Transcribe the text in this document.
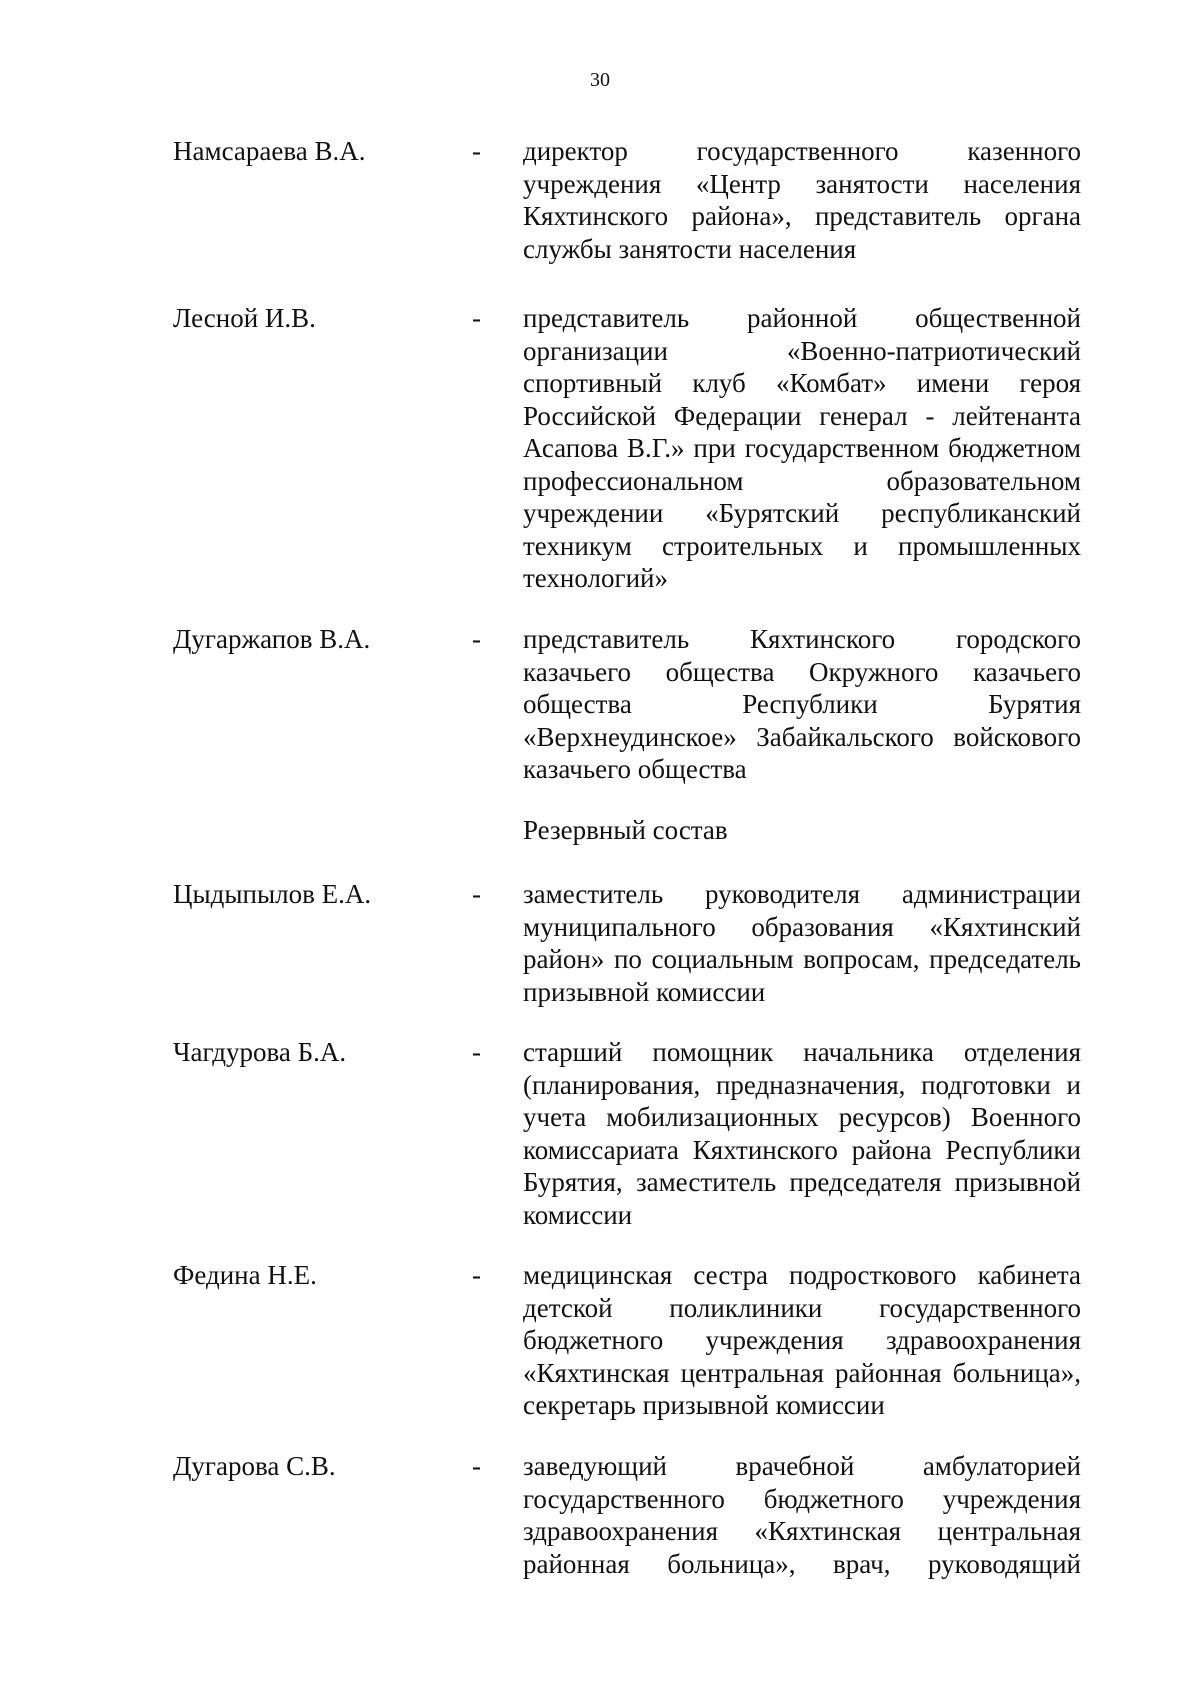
30
Намсараева В.А.	- директор государственного казенного учреждения «Центр занятости населения Кяхтинского района», представитель органа службы занятости населения
Лесной И.В.	- представитель районной общественной организации «Военно-патриотический спортивный клуб «Комбат» имени героя Российской Федерации генерал - лейтенанта Асапова В.Г.» при государственном бюджетном профессиональном образовательном учреждении «Бурятский республиканский техникум строительных и промышленных технологий»
Дугаржапов В.А.	- представитель Кяхтинского городского казачьего общества Окружного казачьего общества Республики Бурятия «Верхнеудинское» Забайкальского войскового казачьего общества
Резервный состав
Цыдыпылов Е.А.	- заместитель руководителя администрации муниципального образования «Кяхтинский район» по социальным вопросам, председатель призывной комиссии
Чагдурова Б.А.	- старший помощник начальника отделения (планирования, предназначения, подготовки и учета мобилизационных ресурсов) Военного комиссариата Кяхтинского района Республики Бурятия, заместитель председателя призывной комиссии
Федина Н.Е.	- медицинская сестра подросткового кабинета детской поликлиники государственного бюджетного учреждения здравоохранения «Кяхтинская центральная районная больница», секретарь призывной комиссии
Дугарова С.В.	- заведующий врачебной амбулаторией государственного бюджетного учреждения здравоохранения «Кяхтинская центральная районная больница», врач, руководящий
